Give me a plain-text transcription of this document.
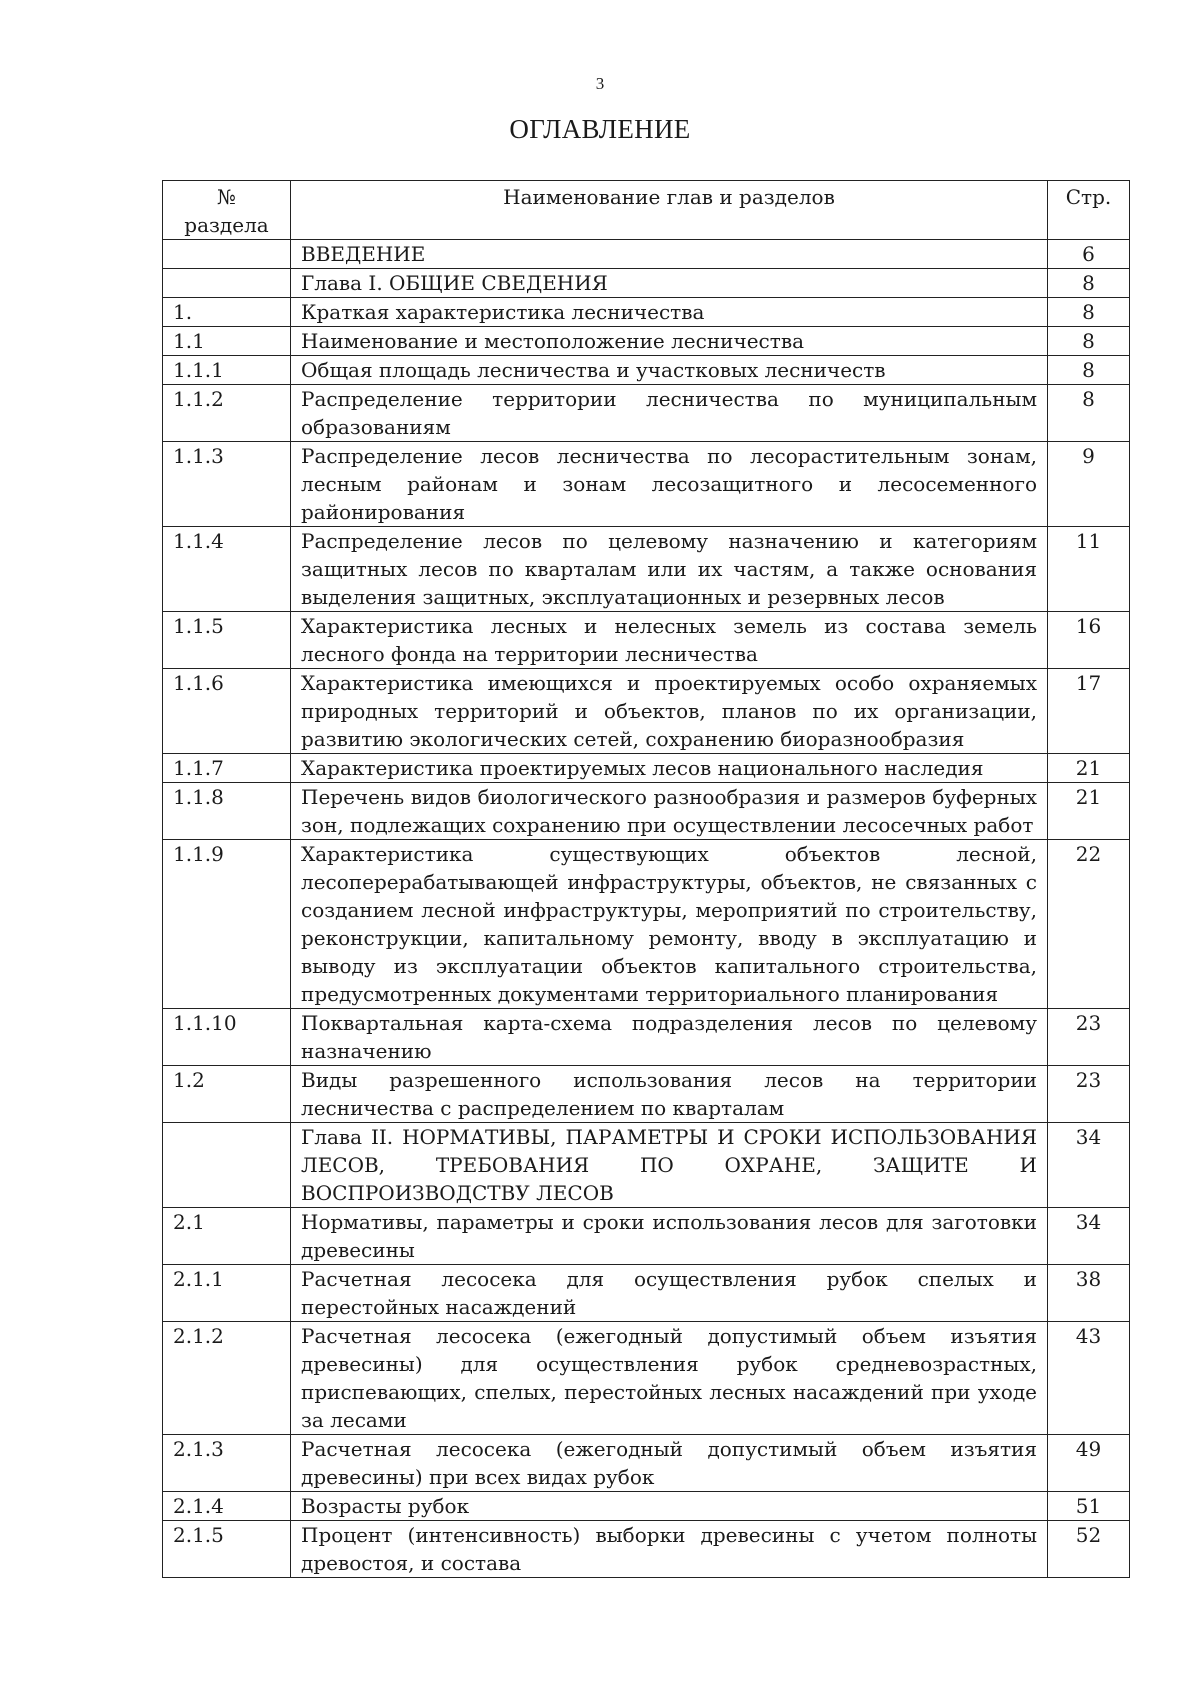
3
ОГЛАВЛЕНИЕ
№ раздела	Наименование глав и разделов	Стр.
	ВВЕДЕНИЕ	6
	Глава I. ОБЩИЕ СВЕДЕНИЯ	8
1.	Краткая характеристика лесничества	8
1.1	Наименование и местоположение лесничества	8
1.1.1	Общая площадь лесничества и участковых лесничеств	8
1.1.2	Распределение территории лесничества по муниципальным образованиям	8
1.1.3	Распределение лесов лесничества по лесорастительным зонам, лесным районам и зонам лесозащитного и лесосеменного районирования	9
1.1.4	Распределение лесов по целевому назначению и категориям защитных лесов по кварталам или их частям, а также основания выделения защитных, эксплуатационных и резервных лесов	11
1.1.5	Характеристика лесных и нелесных земель из состава земель лесного фонда на территории лесничества	16
1.1.6	Характеристика имеющихся и проектируемых особо охраняемых природных территорий и объектов, планов по их организации, развитию экологических сетей, сохранению биоразнообразия	17
1.1.7	Характеристика проектируемых лесов национального наследия	21
1.1.8	Перечень видов биологического разнообразия и размеров буферных зон, подлежащих сохранению при осуществлении лесосечных работ	21
1.1.9	Характеристика существующих объектов лесной, лесоперерабатывающей инфраструктуры, объектов, не связанных с созданием лесной инфраструктуры, мероприятий по строительству, реконструкции, капитальному ремонту, вводу в эксплуатацию и выводу из эксплуатации объектов капитального строительства, предусмотренных документами территориального планирования	22
1.1.10	Поквартальная карта-схема подразделения лесов по целевому назначению	23
1.2	Виды разрешенного использования лесов на территории лесничества с распределением по кварталам	23
	Глава II. НОРМАТИВЫ, ПАРАМЕТРЫ И СРОКИ ИСПОЛЬЗОВАНИЯ ЛЕСОВ, ТРЕБОВАНИЯ ПО ОХРАНЕ, ЗАЩИТЕ И ВОСПРОИЗВОДСТВУ ЛЕСОВ	34
2.1	Нормативы, параметры и сроки использования лесов для заготовки древесины	34
2.1.1	Расчетная лесосека для осуществления рубок спелых и перестойных насаждений	38
2.1.2	Расчетная лесосека (ежегодный допустимый объем изъятия древесины) для осуществления рубок средневозрастных, приспевающих, спелых, перестойных лесных насаждений при уходе за лесами	43
2.1.3	Расчетная лесосека (ежегодный допустимый объем изъятия древесины) при всех видах рубок	49
2.1.4	Возрасты рубок	51
2.1.5	Процент (интенсивность) выборки древесины с учетом полноты древостоя, и состава	52
